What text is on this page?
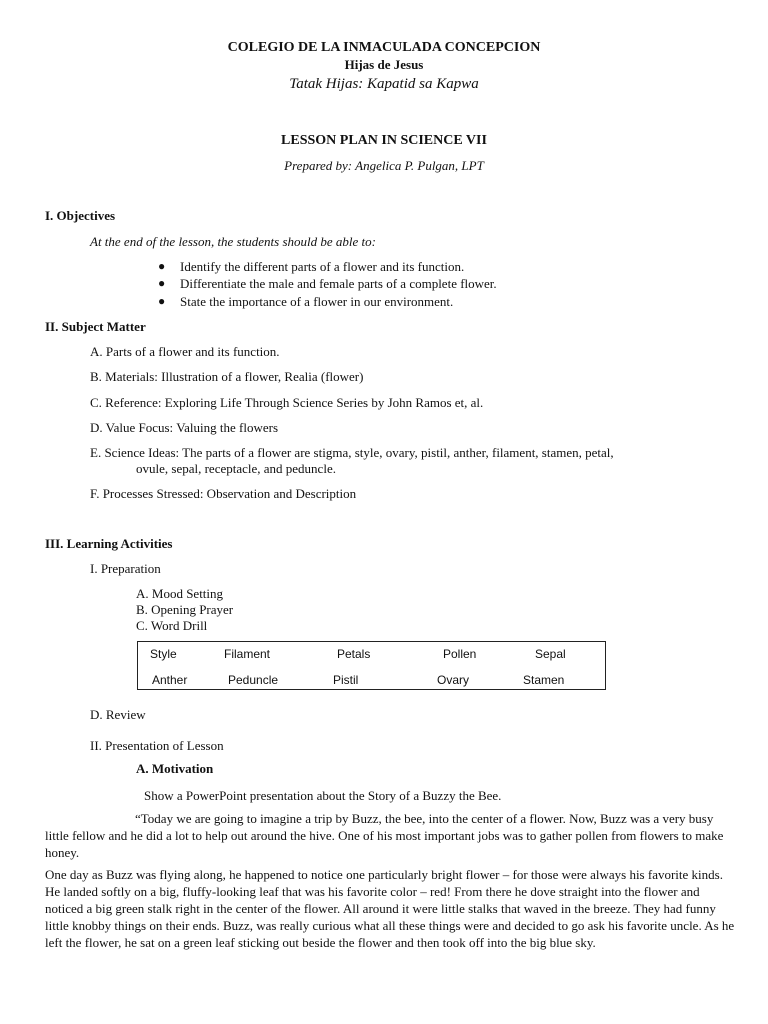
COLEGIO DE LA INMACULADA CONCEPCION
Hijas de Jesus
Tatak Hijas: Kapatid sa Kapwa
LESSON PLAN IN SCIENCE VII
Prepared by: Angelica P. Pulgan, LPT
I. Objectives
At the end of the lesson, the students should be able to:
● Identify the different parts of a flower and its function.
● Differentiate the male and female parts of a complete flower.
● State the importance of a flower in our environment.
II. Subject Matter
A. Parts of a flower and its function.
B. Materials: Illustration of a flower, Realia (flower)
C. Reference: Exploring Life Through Science Series by John Ramos et, al.
D. Value Focus: Valuing the flowers
E. Science Ideas: The parts of a flower are stigma, style, ovary, pistil, anther, filament, stamen, petal,
ovule, sepal, receptacle, and peduncle.
F. Processes Stressed: Observation and Description
III. Learning Activities
I. Preparation
A. Mood Setting
B. Opening Prayer
C. Word Drill
Style	Filament	Petals	Pollen	Sepal
Anther	Peduncle	Pistil	Ovary	Stamen
D. Review
II. Presentation of Lesson
A. Motivation
Show a PowerPoint presentation about the Story of a Buzzy the Bee.
“Today we are going to imagine a trip by Buzz, the bee, into the center of a flower. Now, Buzz was a very busy little fellow and he did a lot to help out around the hive. One of his most important jobs was to gather pollen from flowers to make honey.
One day as Buzz was flying along, he happened to notice one particularly bright flower – for those were always his favorite kinds. He landed softly on a big, fluffy-looking leaf that was his favorite color – red! From there he dove straight into the flower and noticed a big green stalk right in the center of the flower. All around it were little stalks that waved in the breeze. They had funny little knobby things on their ends. Buzz, was really curious what all these things were and decided to go ask his favorite uncle. As he left the flower, he sat on a green leaf sticking out beside the flower and then took off into the big blue sky.
